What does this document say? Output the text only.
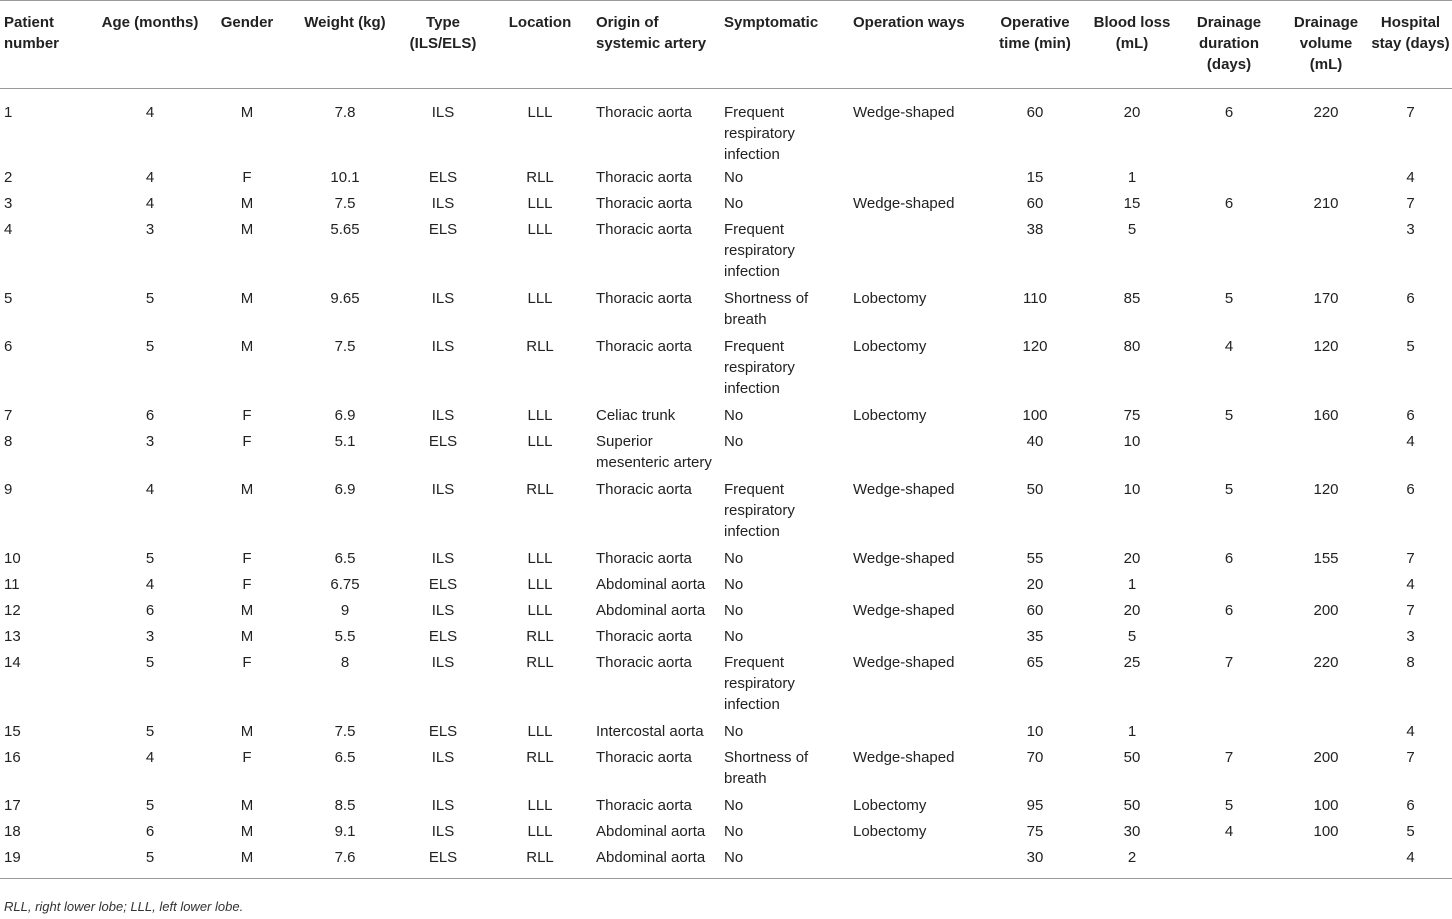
Patient number	Age (months)	Gender	Weight (kg)	Type (ILS/ELS)	Location	Origin of systemic artery	Symptomatic	Operation ways	Operative time (min)	Blood loss (mL)	Drainage duration (days)	Drainage volume (mL)	Hospital stay (days)
1	4	M	7.8	ILS	LLL	Thoracic aorta	Frequent respiratory infection	Wedge-shaped	60	20	6	220	7
2	4	F	10.1	ELS	RLL	Thoracic aorta	No		15	1			4
3	4	M	7.5	ILS	LLL	Thoracic aorta	No	Wedge-shaped	60	15	6	210	7
4	3	M	5.65	ELS	LLL	Thoracic aorta	Frequent respiratory infection		38	5			3
5	5	M	9.65	ILS	LLL	Thoracic aorta	Shortness of breath	Lobectomy	110	85	5	170	6
6	5	M	7.5	ILS	RLL	Thoracic aorta	Frequent respiratory infection	Lobectomy	120	80	4	120	5
7	6	F	6.9	ILS	LLL	Celiac trunk	No	Lobectomy	100	75	5	160	6
8	3	F	5.1	ELS	LLL	Superior mesenteric artery	No		40	10			4
9	4	M	6.9	ILS	RLL	Thoracic aorta	Frequent respiratory infection	Wedge-shaped	50	10	5	120	6
10	5	F	6.5	ILS	LLL	Thoracic aorta	No	Wedge-shaped	55	20	6	155	7
11	4	F	6.75	ELS	LLL	Abdominal aorta	No		20	1			4
12	6	M	9	ILS	LLL	Abdominal aorta	No	Wedge-shaped	60	20	6	200	7
13	3	M	5.5	ELS	RLL	Thoracic aorta	No		35	5			3
14	5	F	8	ILS	RLL	Thoracic aorta	Frequent respiratory infection	Wedge-shaped	65	25	7	220	8
15	5	M	7.5	ELS	LLL	Intercostal aorta	No		10	1			4
16	4	F	6.5	ILS	RLL	Thoracic aorta	Shortness of breath	Wedge-shaped	70	50	7	200	7
17	5	M	8.5	ILS	LLL	Thoracic aorta	No	Lobectomy	95	50	5	100	6
18	6	M	9.1	ILS	LLL	Abdominal aorta	No	Lobectomy	75	30	4	100	5
19	5	M	7.6	ELS	RLL	Abdominal aorta	No		30	2			4
RLL, right lower lobe; LLL, left lower lobe.
